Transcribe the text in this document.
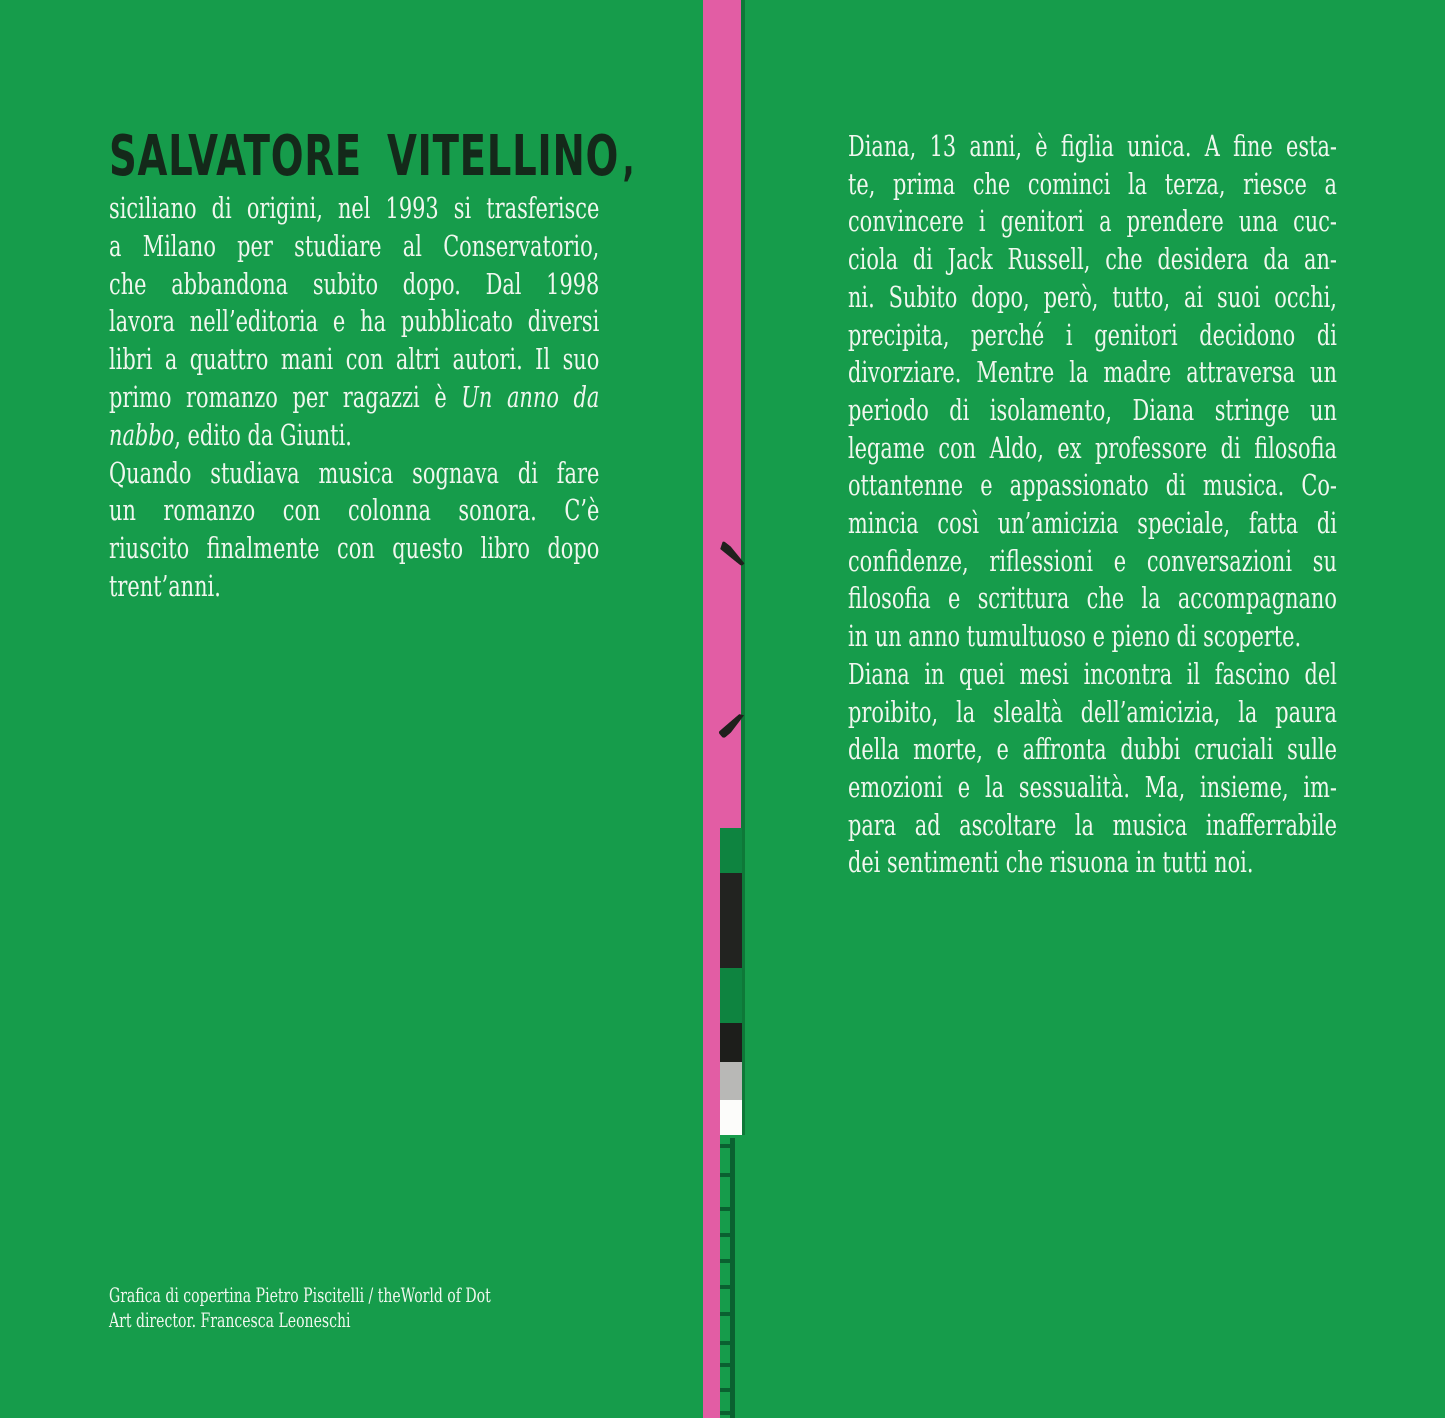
SALVATORE VITELLINO,
siciliano di origini, nel 1993 si trasferisce
a Milano per studiare al Conservatorio,
che abbandona subito dopo. Dal 1998
lavora nell’editoria e ha pubblicato diversi
libri a quattro mani con altri autori. Il suo
primo romanzo per ragazzi è Un anno da
nabbo, edito da Giunti.
Quando studiava musica sognava di fare
un romanzo con colonna sonora. C’è
riuscito finalmente con questo libro dopo
trent’anni.
Grafica di copertina Pietro Piscitelli / theWorld of Dot
Art director. Francesca Leoneschi
Diana, 13 anni, è figlia unica. A fine esta-
te, prima che cominci la terza, riesce a
convincere i genitori a prendere una cuc-
ciola di Jack Russell, che desidera da an-
ni. Subito dopo, però, tutto, ai suoi occhi,
precipita, perché i genitori decidono di
divorziare. Mentre la madre attraversa un
periodo di isolamento, Diana stringe un
legame con Aldo, ex professore di filosofia
ottantenne e appassionato di musica. Co-
mincia così un’amicizia speciale, fatta di
confidenze, riflessioni e conversazioni su
filosofia e scrittura che la accompagnano
in un anno tumultuoso e pieno di scoperte.
Diana in quei mesi incontra il fascino del
proibito, la slealtà dell’amicizia, la paura
della morte, e affronta dubbi cruciali sulle
emozioni e la sessualità. Ma, insieme, im-
para ad ascoltare la musica inafferrabile
dei sentimenti che risuona in tutti noi.
